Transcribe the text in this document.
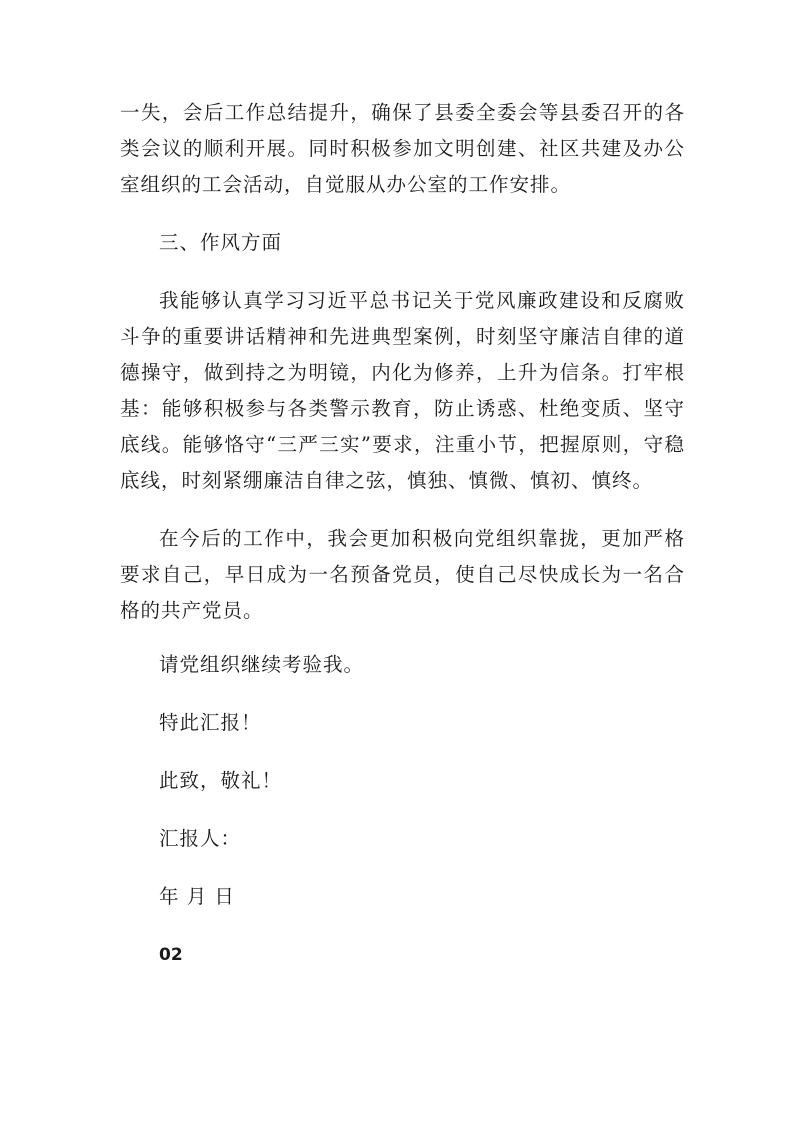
一失，会后工作总结提升，确保了县委全委会等县委召开的各类会议的顺利开展。同时积极参加文明创建、社区共建及办公室组织的工会活动，自觉服从办公室的工作安排。

三、作风方面

我能够认真学习习近平总书记关于党风廉政建设和反腐败斗争的重要讲话精神和先进典型案例，时刻坚守廉洁自律的道德操守，做到持之为明镜，内化为修养，上升为信条。打牢根基：能够积极参与各类警示教育，防止诱惑、杜绝变质、坚守底线。能够恪守“三严三实”要求，注重小节，把握原则，守稳底线，时刻紧绷廉洁自律之弦，慎独、慎微、慎初、慎终。

在今后的工作中，我会更加积极向党组织靠拢，更加严格要求自己，早日成为一名预备党员，使自己尽快成长为一名合格的共产党员。

请党组织继续考验我。

特此汇报！

此致，敬礼！

汇报人：

年 月 日

02
